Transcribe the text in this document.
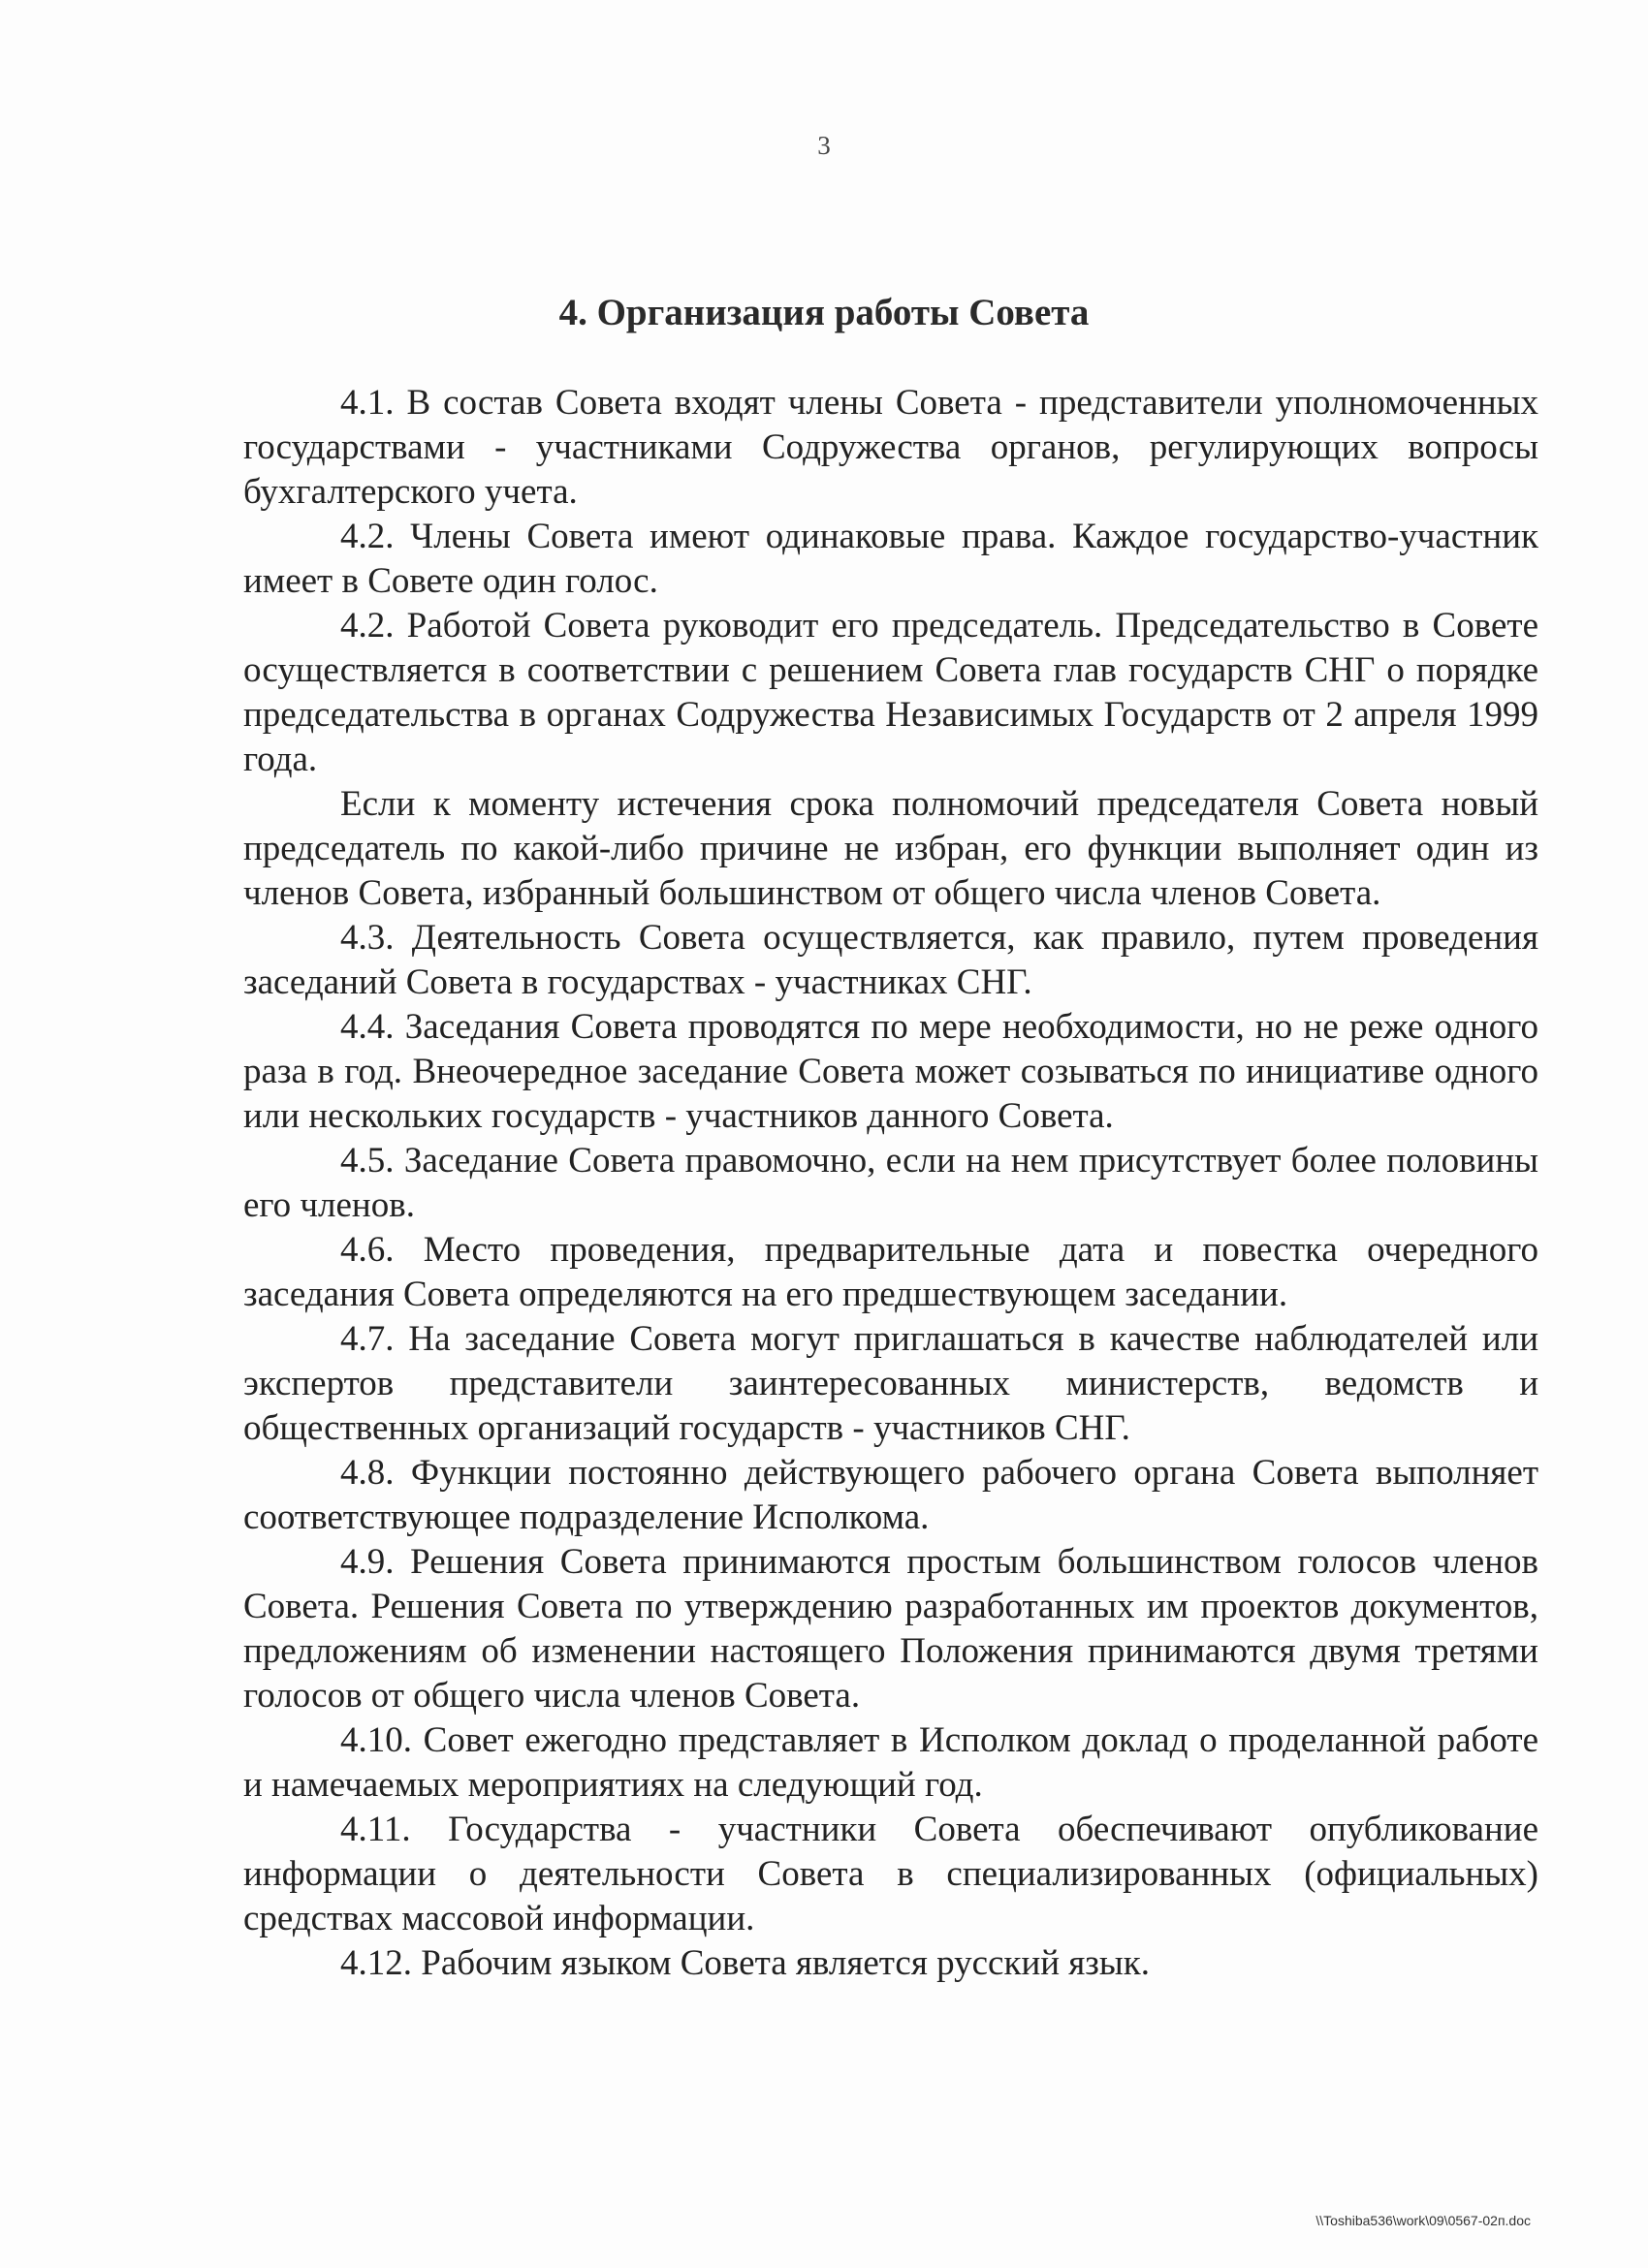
3
4. Организация работы Совета

4.1. В состав Совета входят члены Совета - представители уполномоченных государствами - участниками Содружества органов, регулирующих вопросы бухгалтерского учета.

4.2. Члены Совета имеют одинаковые права. Каждое государство-участник имеет в Совете один голос.

4.2. Работой Совета руководит его председатель. Председательство в Совете осуществляется в соответствии с решением Совета глав государств СНГ о порядке председательства в органах Содружества Независимых Государств от 2 апреля 1999 года.

Если к моменту истечения срока полномочий председателя Совета новый председатель по какой-либо причине не избран, его функции выполняет один из членов Совета, избранный большинством от общего числа членов Совета.

4.3. Деятельность Совета осуществляется, как правило, путем проведения заседаний Совета в государствах - участниках СНГ.

4.4. Заседания Совета проводятся по мере необходимости, но не реже одного раза в год. Внеочередное заседание Совета может созываться по инициативе одного или нескольких государств - участников данного Совета.

4.5. Заседание Совета правомочно, если на нем присутствует более половины его членов.

4.6. Место проведения, предварительные дата и повестка очередного заседания Совета определяются на его предшествующем заседании.

4.7. На заседание Совета могут приглашаться в качестве наблюдателей или экспертов представители заинтересованных министерств, ведомств и общественных организаций государств - участников СНГ.

4.8. Функции постоянно действующего рабочего органа Совета выполняет соответствующее подразделение Исполкома.

4.9. Решения Совета принимаются простым большинством голосов членов Совета. Решения Совета по утверждению разработанных им проектов документов, предложениям об изменении настоящего Положения принимаются двумя третями голосов от общего числа членов Совета.

4.10. Совет ежегодно представляет в Исполком доклад о проделанной работе и намечаемых мероприятиях на следующий год.

4.11. Государства - участники Совета обеспечивают опубликование информации о деятельности Совета в специализированных (официальных) средствах массовой информации.

4.12. Рабочим языком Совета является русский язык.

\\Toshiba536\work\09\0567-02п.doc
